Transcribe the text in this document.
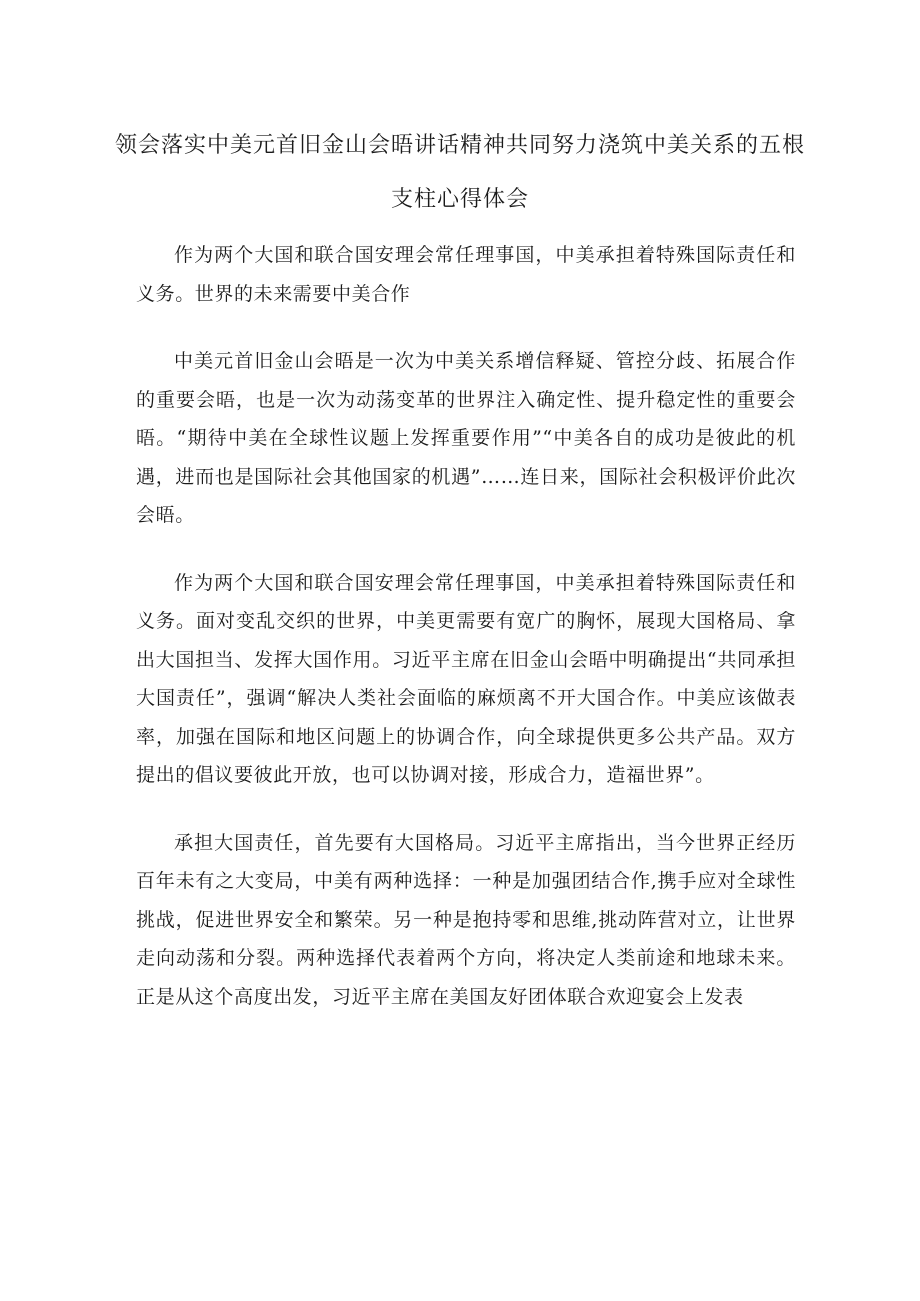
领会落实中美元首旧金山会晤讲话精神共同努力浇筑中美关系的五根支柱心得体会

作为两个大国和联合国安理会常任理事国，中美承担着特殊国际责任和义务。世界的未来需要中美合作

中美元首旧金山会晤是一次为中美关系增信释疑、管控分歧、拓展合作的重要会晤，也是一次为动荡变革的世界注入确定性、提升稳定性的重要会晤。“期待中美在全球性议题上发挥重要作用”“中美各自的成功是彼此的机遇，进而也是国际社会其他国家的机遇”……连日来，国际社会积极评价此次会晤。

作为两个大国和联合国安理会常任理事国，中美承担着特殊国际责任和义务。面对变乱交织的世界，中美更需要有宽广的胸怀，展现大国格局、拿出大国担当、发挥大国作用。习近平主席在旧金山会晤中明确提出“共同承担大国责任”，强调“解决人类社会面临的麻烦离不开大国合作。中美应该做表率，加强在国际和地区问题上的协调合作，向全球提供更多公共产品。双方提出的倡议要彼此开放，也可以协调对接，形成合力，造福世界”。

承担大国责任，首先要有大国格局。习近平主席指出，当今世界正经历百年未有之大变局，中美有两种选择：一种是加强团结合作,携手应对全球性挑战，促进世界安全和繁荣。另一种是抱持零和思维,挑动阵营对立，让世界走向动荡和分裂。两种选择代表着两个方向，将决定人类前途和地球未来。正是从这个高度出发，习近平主席在美国友好团体联合欢迎宴会上发表
